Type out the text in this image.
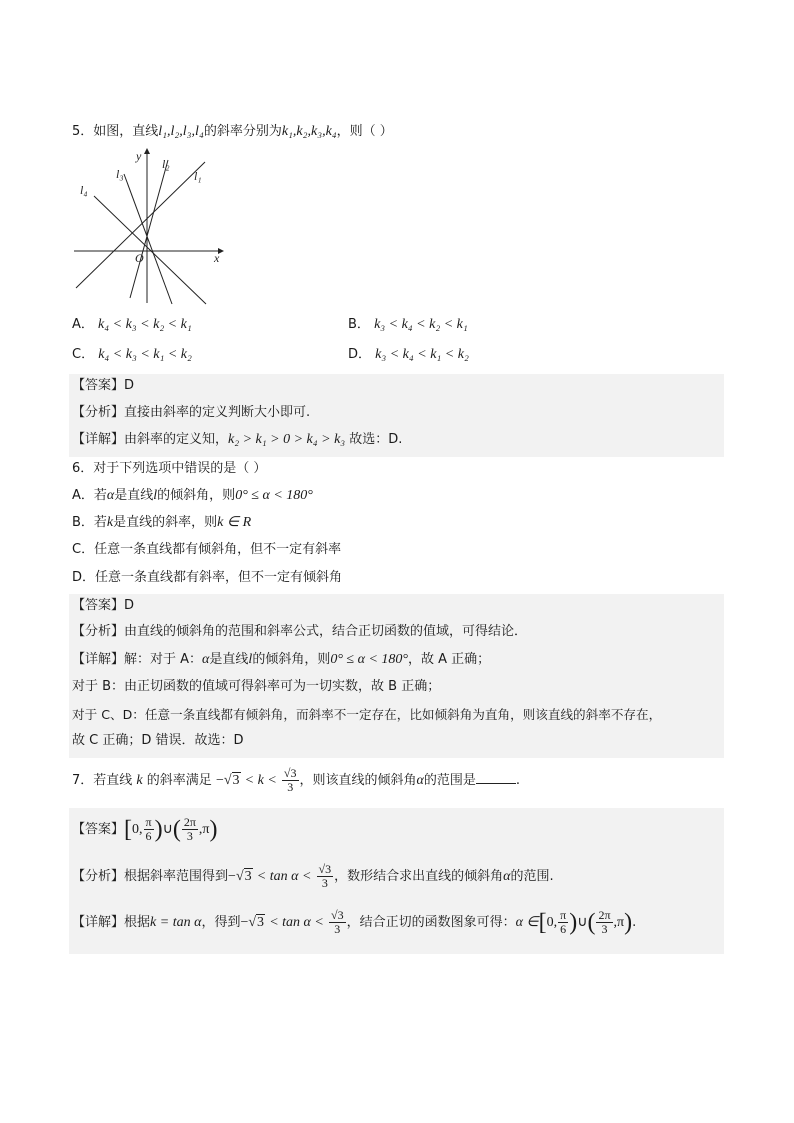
5．如图，直线l₁,l₂,l₃,l₄的斜率分别为k₁,k₂,k₃,k₄，则（ ）
y
x
O
l₁
l₂
l₃
l₄
A． k₄ < k₃ < k₂ < k₁	B． k₃ < k₄ < k₂ < k₁
C． k₄ < k₃ < k₁ < k₂	D． k₃ < k₄ < k₁ < k₂
【答案】D
【分析】直接由斜率的定义判断大小即可.
【详解】由斜率的定义知，k₂ > k₁ > 0 > k₄ > k₃ 故选：D.
6．对于下列选项中错误的是（ ）
A．若α是直线l的倾斜角，则0° ≤ α < 180°
B．若k是直线的斜率，则k ∈ R
C．任意一条直线都有倾斜角，但不一定有斜率
D．任意一条直线都有斜率，但不一定有倾斜角
【答案】D
【分析】由直线的倾斜角的范围和斜率公式，结合正切函数的值域，可得结论．
【详解】解：对于 A：α是直线l的倾斜角，则0° ≤ α < 180°，故 A 正确；
对于 B：由正切函数的值域可得斜率可为一切实数，故 B 正确；
对于 C、D：任意一条直线都有倾斜角，而斜率不一定存在，比如倾斜角为直角，则该直线的斜率不存在，
故 C 正确；D 错误．故选：D
7．若直线 k 的斜率满足 $-√3 < k < \frac{√3}{3}$ ，则该直线的倾斜角α的范围是	.
【答案】[0, $\frac{\pi}{6}$ )∪( $\frac{2\pi}{3} ,\pi$)
【分析】根据斜率范围得到$-√3 < \tan \alpha < \frac{√3}{3}$ ，数形结合求出直线的倾斜角α的范围.
【详解】根据k = tan α，得到$-√3 < \tan \alpha < \frac{√3}{3}$ ，结合正切的函数图象可得：α ∈[0, $\frac{\pi}{6}$ )∪( $\frac{2\pi}{3} ,\pi$).
